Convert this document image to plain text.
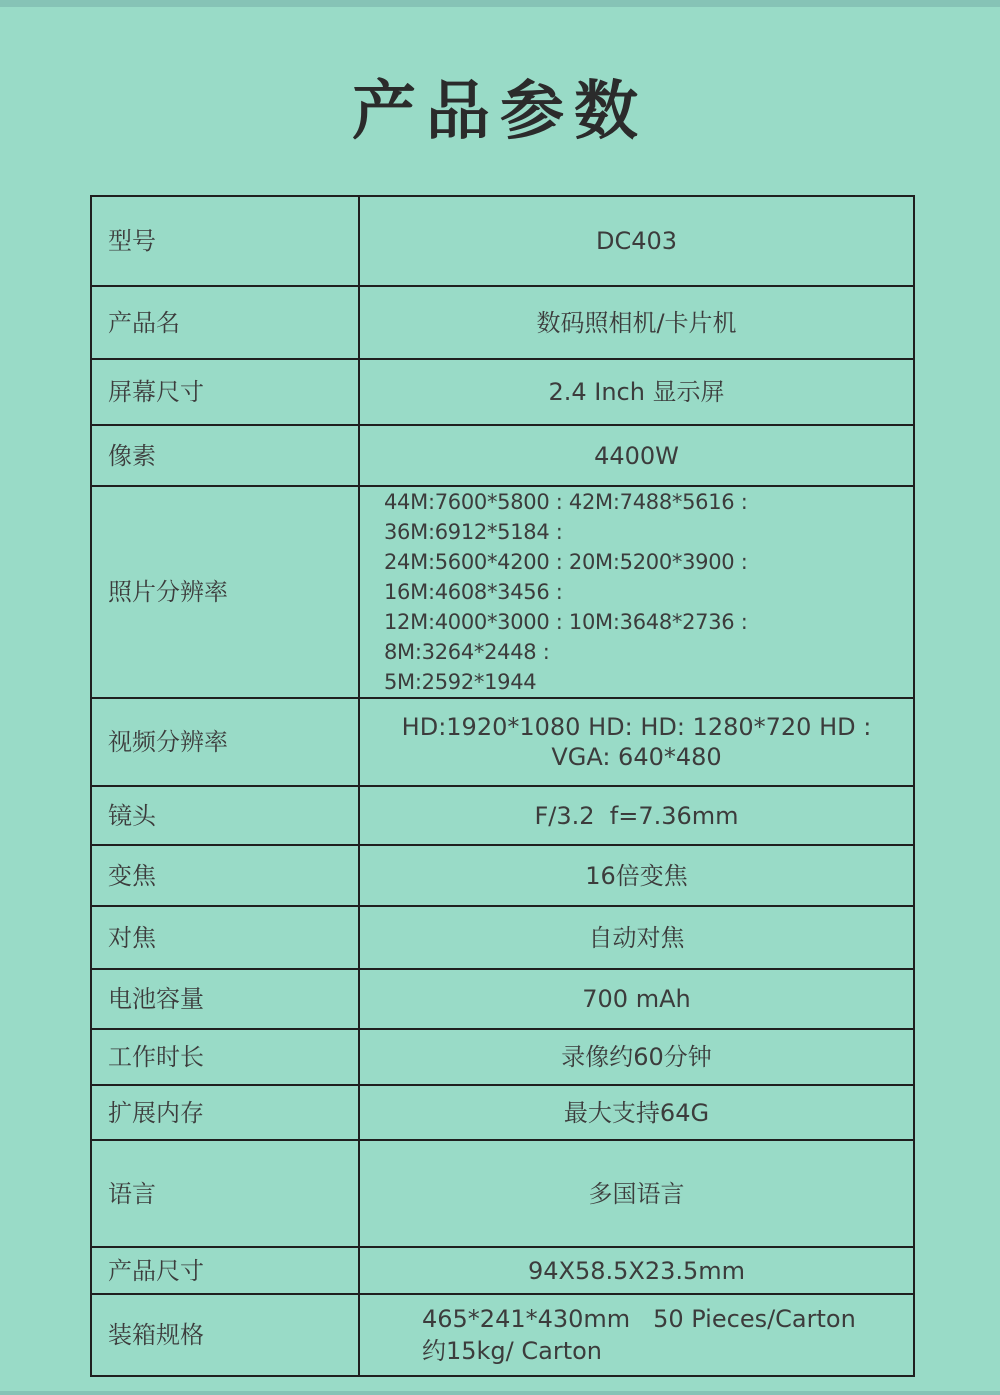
产品参数
型号	DC403
产品名	数码照相机/卡片机
屏幕尺寸	2.4 Inch 显示屏
像素	4400W
照片分辨率	44M:7600*5800 : 42M:7488*5616 : 36M:6912*5184 :
24M:5600*4200 : 20M:5200*3900 : 16M:4608*3456 :
12M:4000*3000 : 10M:3648*2736 : 8M:3264*2448 :
5M:2592*1944

视频分辨率	HD:1920*1080 HD: HD: 1280*720 HD :
VGA: 640*480

镜头	F/3.2  f=7.36mm
变焦	16倍变焦
对焦	自动对焦
电池容量	700 mAh
工作时长	录像约60分钟
扩展内存	最大支持64G
语言	多国语言
产品尺寸	94X58.5X23.5mm
装箱规格	465*241*430mm   50 Pieces/Carton
约15kg/ Carton
